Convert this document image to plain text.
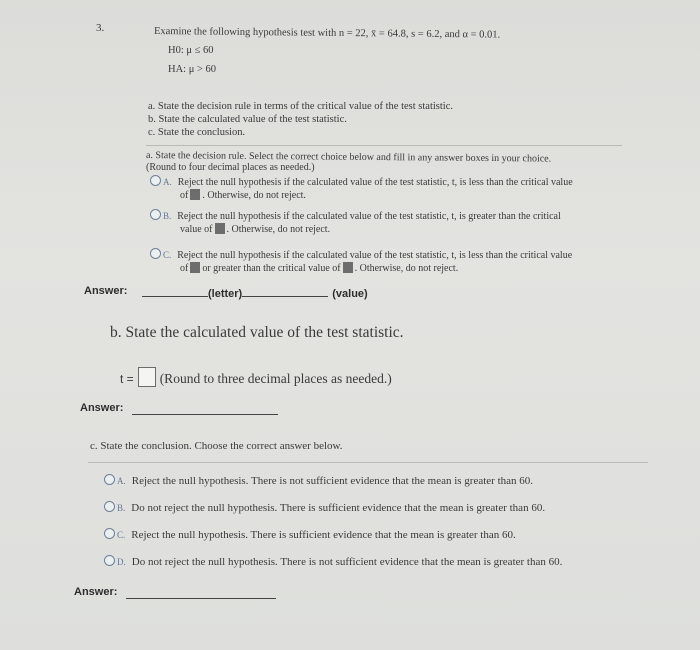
3.	Examine the following hypothesis test with n = 22, x̄ = 64.8, s = 6.2, and α = 0.01.
H0: μ ≤ 60
HA: μ > 60
a. State the decision rule in terms of the critical value of the test statistic.
b. State the calculated value of the test statistic.
c. State the conclusion.
a. State the decision rule. Select the correct choice below and fill in any answer boxes in your choice.
(Round to four decimal places as needed.)
A. Reject the null hypothesis if the calculated value of the test statistic, t, is less than the critical value
of . Otherwise, do not reject.
B. Reject the null hypothesis if the calculated value of the test statistic, t, is greater than the critical
value of . Otherwise, do not reject.
C. Reject the null hypothesis if the calculated value of the test statistic, t, is less than the critical value
of or greater than the critical value of . Otherwise, do not reject.
Answer:	(letter)	(value)
b. State the calculated value of the test statistic.
t = (Round to three decimal places as needed.)
Answer:
c. State the conclusion. Choose the correct answer below.
A. Reject the null hypothesis. There is not sufficient evidence that the mean is greater than 60.
B. Do not reject the null hypothesis. There is sufficient evidence that the mean is greater than 60.
C. Reject the null hypothesis. There is sufficient evidence that the mean is greater than 60.
D. Do not reject the null hypothesis. There is not sufficient evidence that the mean is greater than 60.
Answer:
